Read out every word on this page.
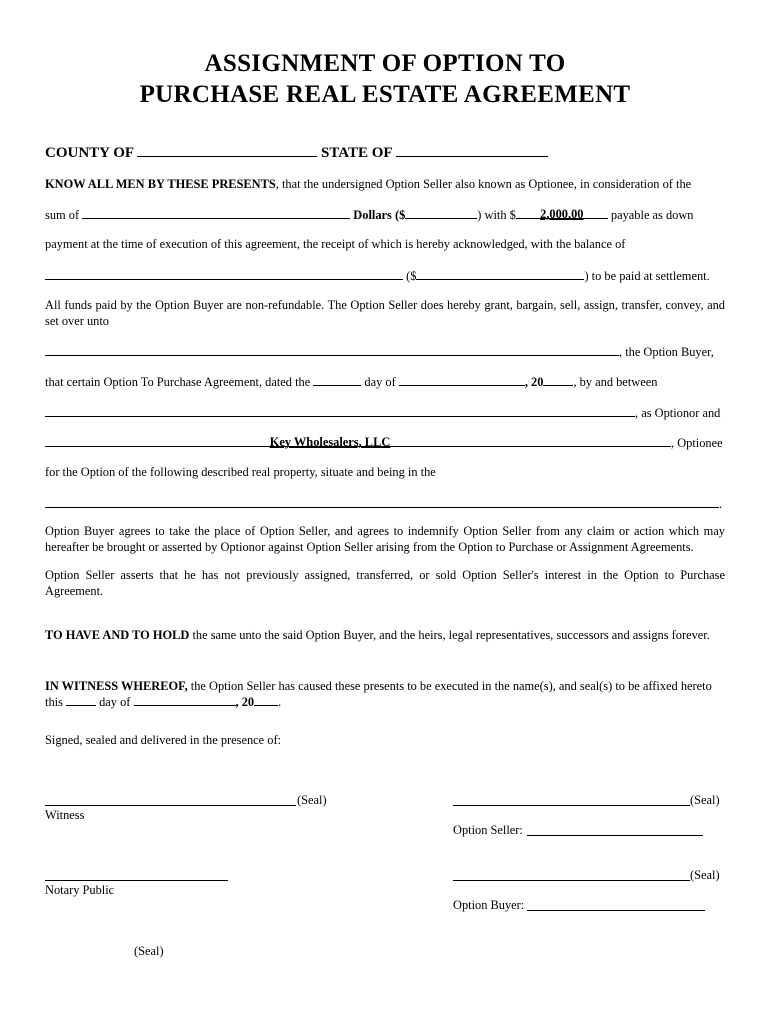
ASSIGNMENT OF OPTION TO
PURCHASE REAL ESTATE AGREEMENT
COUNTY OF	STATE OF
KNOW ALL MEN BY THESE PRESENTS, that the undersigned Option Seller also known as Optionee, in consideration of the
sum of	Dollars ($	) with $	2,000.00	payable as down
payment at the time of execution of this agreement, the receipt of which is hereby acknowledged, with the balance of
($	) to be paid at settlement.
All funds paid by the Option Buyer are non-refundable. The Option Seller does hereby grant, bargain, sell, assign, transfer, convey, and set over unto
, the Option Buyer,
that certain Option To Purchase Agreement, dated the	day of	, 20 , by and between
, as Optionor and
Key Wholesalers, LLC	, Optionee
for the Option of the following described real property, situate and being in the
.
Option Buyer agrees to take the place of Option Seller, and agrees to indemnify Option Seller from any claim or action which may hereafter be brought or asserted by Optionor against Option Seller arising from the Option to Purchase or Assignment Agreements.
Option Seller asserts that he has not previously assigned, transferred, or sold Option Seller's interest in the Option to Purchase Agreement.
TO HAVE AND TO HOLD the same unto the said Option Buyer, and the heirs, legal representatives, successors and assigns forever.
IN WITNESS WHEREOF, the Option Seller has caused these presents to be executed in the name(s), and seal(s) to be affixed hereto
this	day of	, 20 .
Signed, sealed and delivered in the presence of:
(Seal)
Witness
(Seal)
Option Seller:
Notary Public
(Seal)
Option Buyer:
(Seal)
